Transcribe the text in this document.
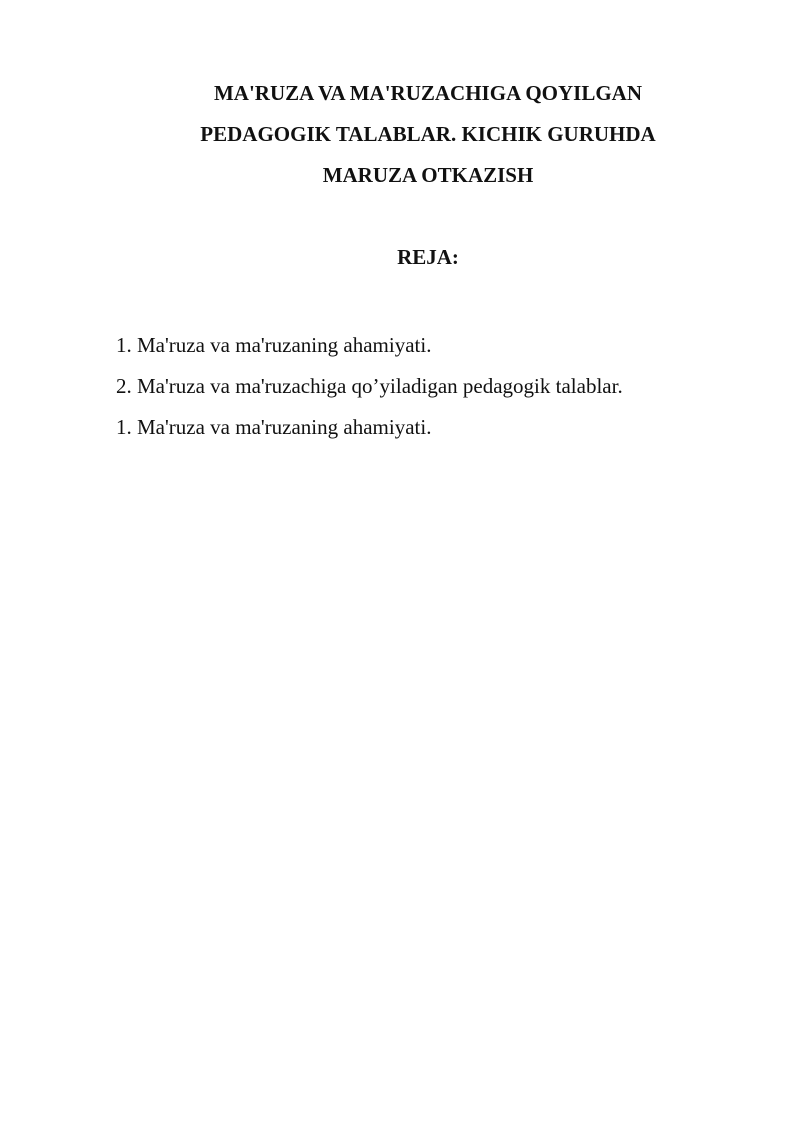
MA'RUZA VA MA'RUZACHIGA QOYILGAN
PEDAGOGIK TALABLAR. KICHIK GURUHDA
MARUZA OTKAZISH
REJA:
1. Ma'ruza va ma'ruzaning ahamiyati.
2. Ma'ruza va ma'ruzachiga qo’yiladigan pedagogik talablar.
1. Ma'ruza va ma'ruzaning ahamiyati.
